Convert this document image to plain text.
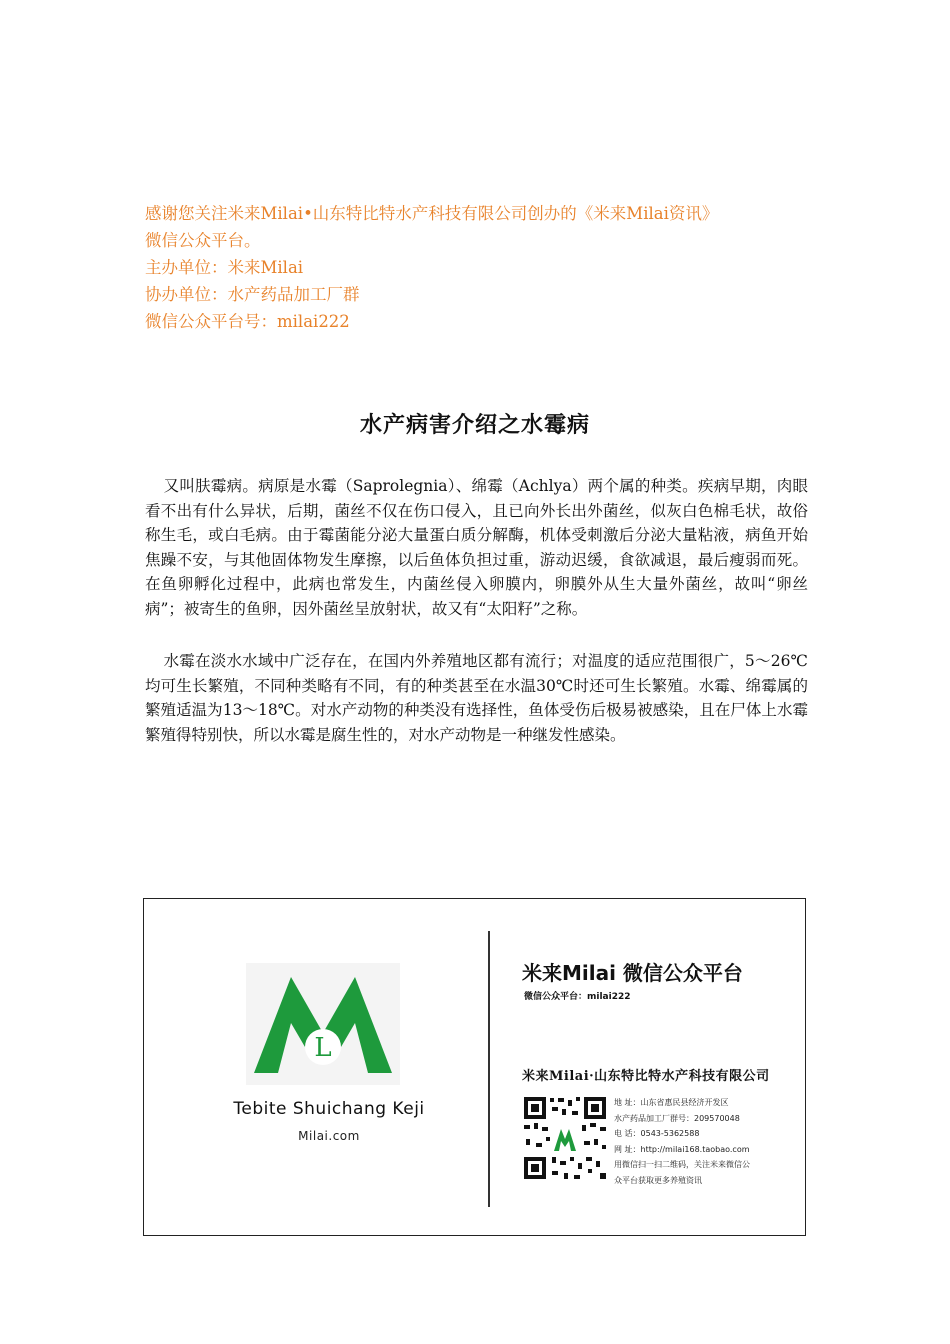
感谢您关注米来Milai•山东特比特水产科技有限公司创办的《米来Milai资讯》
微信公众平台。
主办单位：米来Milai
协办单位：水产药品加工厂群
微信公众平台号：milai222
水产病害介绍之水霉病

又叫肤霉病。病原是水霉（Saprolegnia）、绵霉（Achlya）两个属的种类。疾病早期，肉眼看不出有什么异状，后期，菌丝不仅在伤口侵入，且已向外长出外菌丝，似灰白色棉毛状，故俗称生毛，或白毛病。由于霉菌能分泌大量蛋白质分解酶，机体受刺激后分泌大量粘液，病鱼开始焦躁不安，与其他固体物发生摩擦，以后鱼体负担过重，游动迟缓，食欲减退，最后瘦弱而死。在鱼卵孵化过程中，此病也常发生，内菌丝侵入卵膜内，卵膜外从生大量外菌丝，故叫“卵丝病”；被寄生的鱼卵，因外菌丝呈放射状，故又有“太阳籽”之称。

水霉在淡水水域中广泛存在，在国内外养殖地区都有流行；对温度的适应范围很广，5～26℃均可生长繁殖，不同种类略有不同，有的种类甚至在水温30℃时还可生长繁殖。水霉、绵霉属的繁殖适温为13～18℃。对水产动物的种类没有选择性，鱼体受伤后极易被感染，且在尸体上水霉繁殖得特别快，所以水霉是腐生性的，对水产动物是一种继发性感染。

L
Tebite Shuichang Keji
Milai.com
米来Milai 微信公众平台
微信公众平台：milai222
米来Milai·山东特比特水产科技有限公司
地 址：山东省惠民县经济开发区
水产药品加工厂群号：209570048
电 话：0543-5362588
网 址：http://milai168.taobao.com
用微信扫一扫二维码，关注米来微信公
众平台获取更多养殖资讯
